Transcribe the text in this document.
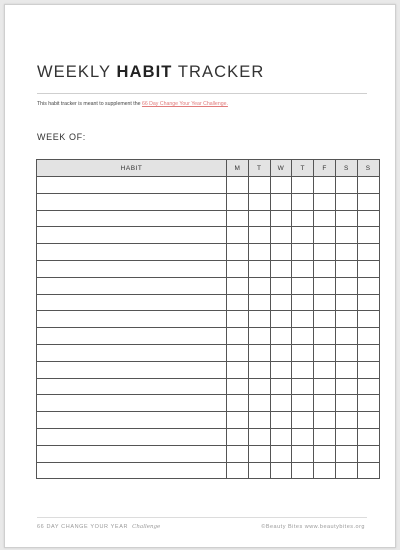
WEEKLY HABIT TRACKER
This habit tracker is meant to supplement the 66 Day Change Your Year Challenge.
WEEK OF:
HABIT	M	T	W	T	F	S	S

66 DAY CHANGE YOUR YEAR Challenge	©Beauty Bites www.beautybites.org
